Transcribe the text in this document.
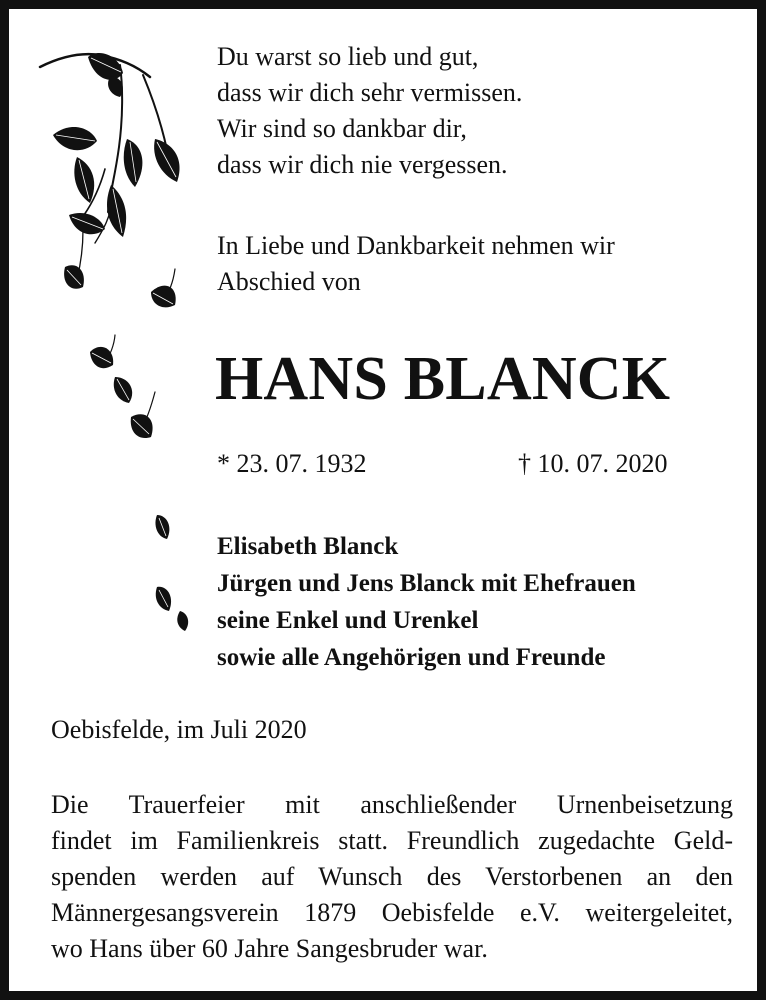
Du warst so lieb und gut,
dass wir dich sehr vermissen.
Wir sind so dankbar dir,
dass wir dich nie vergessen.
In Liebe und Dankbarkeit nehmen wir
Abschied von
HANS BLANCK
* 23. 07. 1932	† 10. 07. 2020
Elisabeth Blanck
Jürgen und Jens Blanck mit Ehefrauen
seine Enkel und Urenkel
sowie alle Angehörigen und Freunde
Oebisfelde, im Juli 2020
Die Trauerfeier mit anschließender Urnenbeisetzung
findet im Familienkreis statt. Freundlich zugedachte Geld-
spenden werden auf Wunsch des Verstorbenen an den
Männergesangsverein 1879 Oebisfelde e.V. weitergeleitet,
wo Hans über 60 Jahre Sangesbruder war.
